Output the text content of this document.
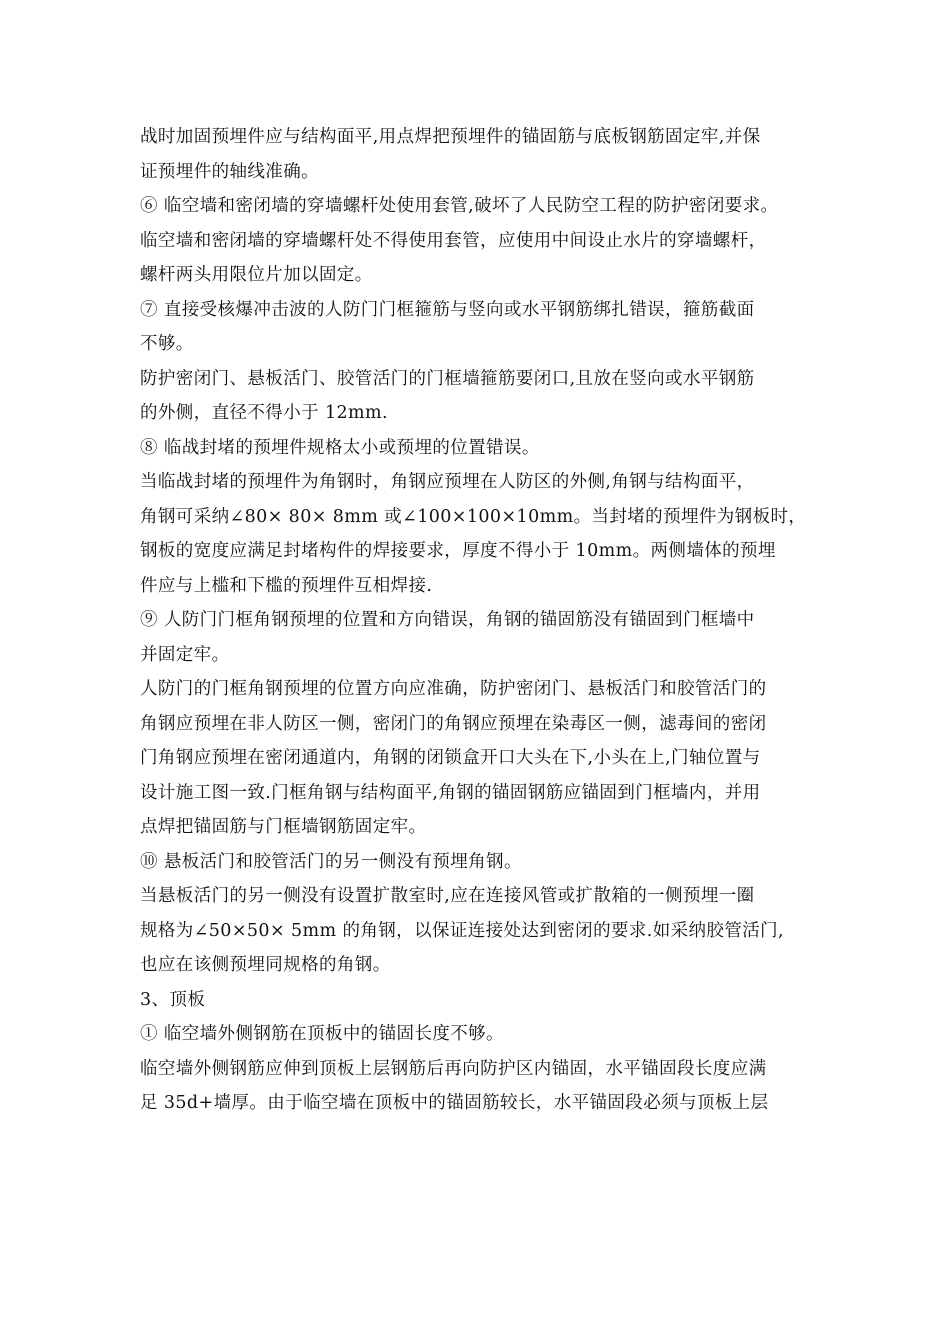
战时加固预埋件应与结构面平,用点焊把预埋件的锚固筋与底板钢筋固定牢,并保
证预埋件的轴线准确。
⑥ 临空墙和密闭墙的穿墙螺杆处使用套管,破坏了人民防空工程的防护密闭要求。
临空墙和密闭墙的穿墙螺杆处不得使用套管，应使用中间设止水片的穿墙螺杆，
螺杆两头用限位片加以固定。
⑦ 直接受核爆冲击波的人防门门框箍筋与竖向或水平钢筋绑扎错误，箍筋截面
不够。
防护密闭门、悬板活门、胶管活门的门框墙箍筋要闭口,且放在竖向或水平钢筋
的外侧，直径不得小于 12mm.
⑧ 临战封堵的预埋件规格太小或预埋的位置错误。
当临战封堵的预埋件为角钢时，角钢应预埋在人防区的外侧,角钢与结构面平，
角钢可采纳∠80× 80× 8mm 或∠100×100×10mm。当封堵的预埋件为钢板时，
钢板的宽度应满足封堵构件的焊接要求，厚度不得小于 10mm。两侧墙体的预埋
件应与上槛和下槛的预埋件互相焊接.
⑨ 人防门门框角钢预埋的位置和方向错误，角钢的锚固筋没有锚固到门框墙中
并固定牢。
人防门的门框角钢预埋的位置方向应准确，防护密闭门、悬板活门和胶管活门的
角钢应预埋在非人防区一侧，密闭门的角钢应预埋在染毒区一侧，滤毒间的密闭
门角钢应预埋在密闭通道内，角钢的闭锁盒开口大头在下,小头在上,门轴位置与
设计施工图一致.门框角钢与结构面平,角钢的锚固钢筋应锚固到门框墙内，并用
点焊把锚固筋与门框墙钢筋固定牢。
⑩ 悬板活门和胶管活门的另一侧没有预埋角钢。
当悬板活门的另一侧没有设置扩散室时,应在连接风管或扩散箱的一侧预埋一圈
规格为∠50×50× 5mm 的角钢，以保证连接处达到密闭的要求.如采纳胶管活门,
也应在该侧预埋同规格的角钢。
3、顶板
① 临空墙外侧钢筋在顶板中的锚固长度不够。
临空墙外侧钢筋应伸到顶板上层钢筋后再向防护区内锚固，水平锚固段长度应满
足 35d+墙厚。由于临空墙在顶板中的锚固筋较长，水平锚固段必须与顶板上层
